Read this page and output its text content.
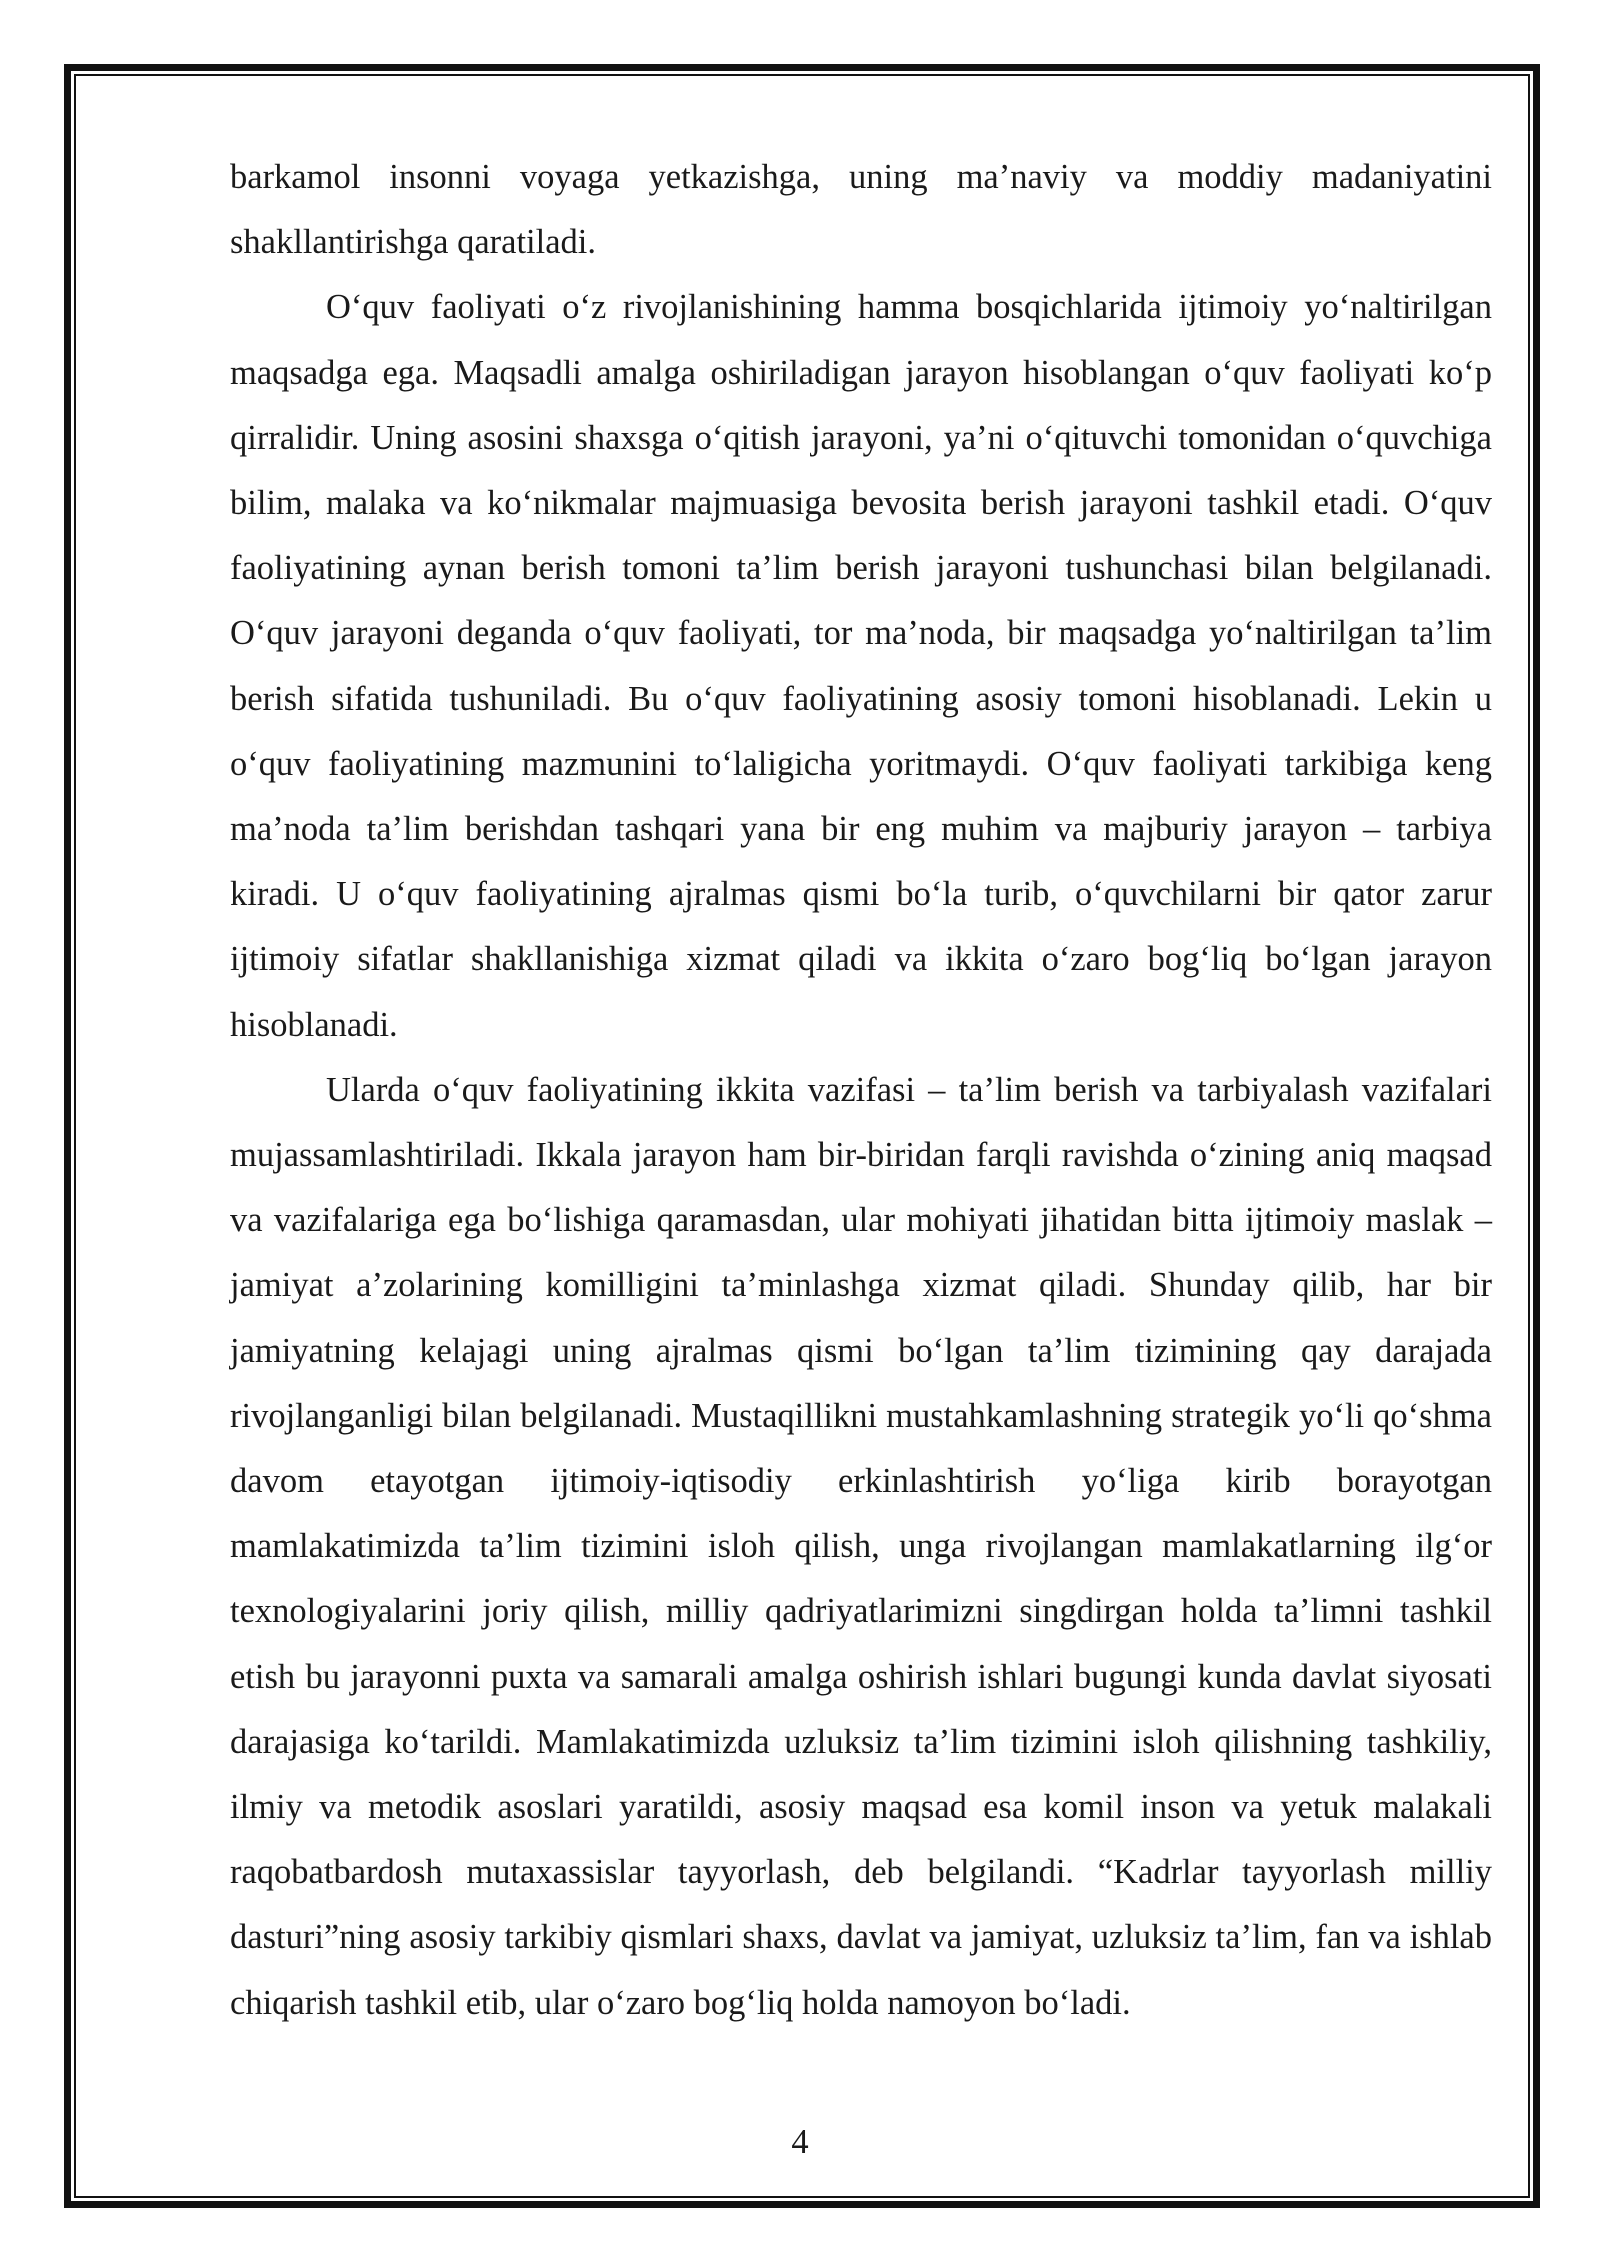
barkamol insonni voyaga yetkazishga, uning ma’naviy va moddiy madaniyatini shakllantirishga qaratiladi.

O‘quv faoliyati o‘z rivojlanishining hamma bosqichlarida ijtimoiy yo‘naltirilgan maqsadga ega. Maqsadli amalga oshiriladigan jarayon hisoblangan o‘quv faoliyati ko‘p qirralidir. Uning asosini shaxsga o‘qitish jarayoni, ya’ni o‘qituvchi tomonidan o‘quvchiga bilim, malaka va ko‘nikmalar majmuasiga bevosita berish jarayoni tashkil etadi. O‘quv faoliyatining aynan berish tomoni ta’lim berish jarayoni tushunchasi bilan belgilanadi. O‘quv jarayoni deganda o‘quv faoliyati, tor ma’noda, bir maqsadga yo‘naltirilgan ta’lim berish sifatida tushuniladi. Bu o‘quv faoliyatining asosiy tomoni hisoblanadi. Lekin u o‘quv faoliyatining mazmunini to‘laligicha yoritmaydi. O‘quv faoliyati tarkibiga keng ma’noda ta’lim berishdan tashqari yana bir eng muhim va majburiy jarayon – tarbiya kiradi. U o‘quv faoliyatining ajralmas qismi bo‘la turib, o‘quvchilarni bir qator zarur ijtimoiy sifatlar shakllanishiga xizmat qiladi va ikkita o‘zaro bog‘liq bo‘lgan jarayon hisoblanadi.

Ularda o‘quv faoliyatining ikkita vazifasi – ta’lim berish va tarbiyalash vazifalari mujassamlashtiriladi. Ikkala jarayon ham bir-biridan farqli ravishda o‘zining aniq maqsad va vazifalariga ega bo‘lishiga qaramasdan, ular mohiyati jihatidan bitta ijtimoiy maslak – jamiyat a’zolarining komilligini ta’minlashga xizmat qiladi. Shunday qilib, har bir jamiyatning kelajagi uning ajralmas qismi bo‘lgan ta’lim tizimining qay darajada rivojlanganligi bilan belgilanadi. Mustaqillikni mustahkamlashning strategik yo‘li qo‘shma davom etayotgan ijtimoiy-iqtisodiy erkinlashtirish yo‘liga kirib borayotgan mamlakatimizda ta’lim tizimini isloh qilish, unga rivojlangan mamlakatlarning ilg‘or texnologiyalarini joriy qilish, milliy qadriyatlarimizni singdirgan holda ta’limni tashkil etish bu jarayonni puxta va samarali amalga oshirish ishlari bugungi kunda davlat siyosati darajasiga ko‘tarildi. Mamlakatimizda uzluksiz ta’lim tizimini isloh qilishning tashkiliy, ilmiy va metodik asoslari yaratildi, asosiy maqsad esa komil inson va yetuk malakali raqobatbardosh mutaxassislar tayyorlash, deb belgilandi. “Kadrlar tayyorlash milliy dasturi”ning asosiy tarkibiy qismlari shaxs, davlat va jamiyat, uzluksiz ta’lim, fan va ishlab chiqarish tashkil etib, ular o‘zaro bog‘liq holda namoyon bo‘ladi.

4
